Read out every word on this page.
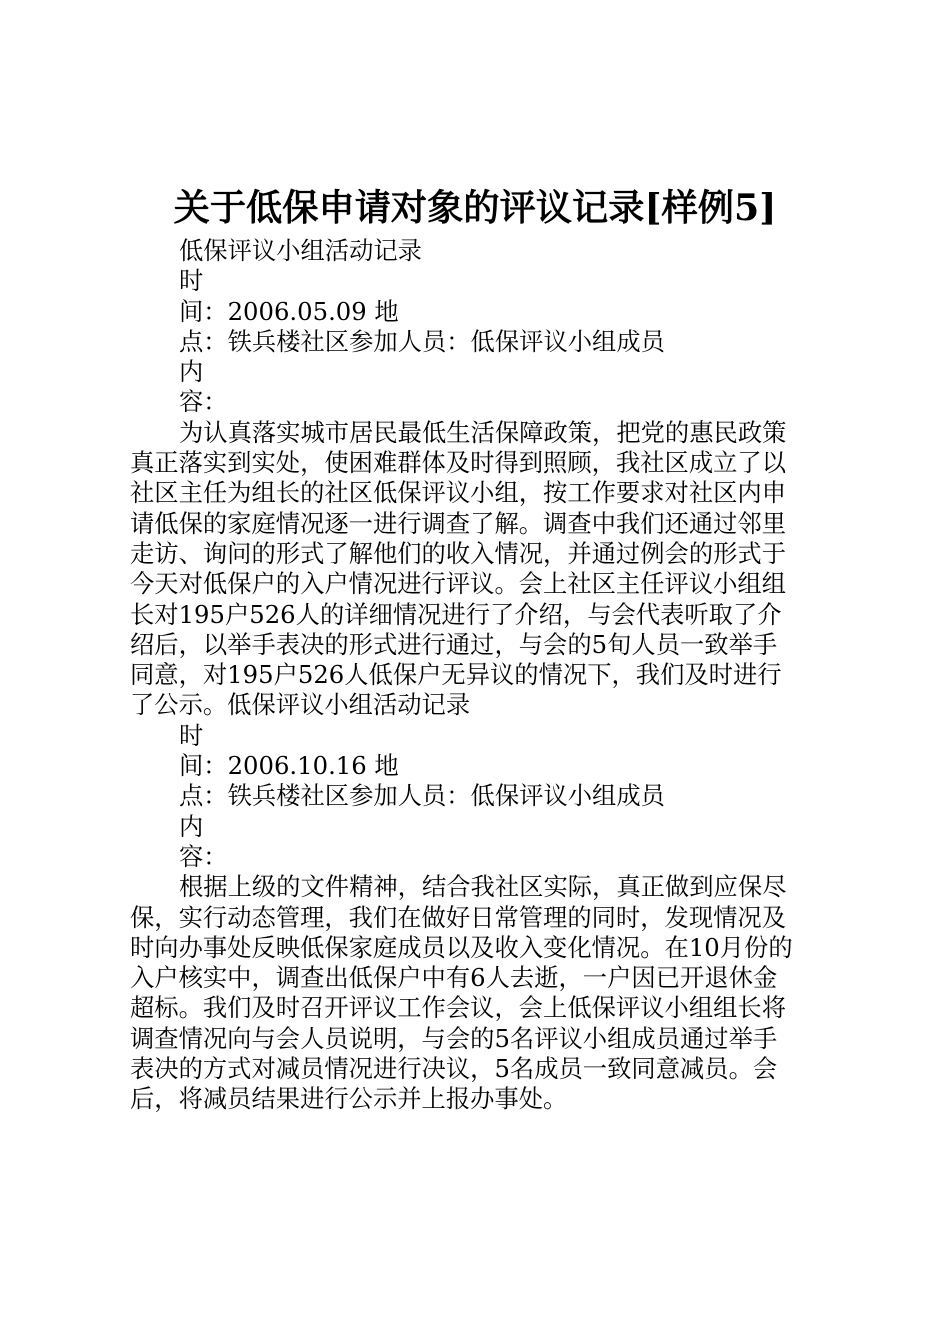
关于低保申请对象的评议记录[样例5]
低保评议小组活动记录
时
间：2006.05.09 地
点：铁兵楼社区参加人员：低保评议小组成员
内
容：
为认真落实城市居民最低生活保障政策，把党的惠民政策
真正落实到实处，使困难群体及时得到照顾，我社区成立了以
社区主任为组长的社区低保评议小组，按工作要求对社区内申
请低保的家庭情况逐一进行调查了解。调查中我们还通过邻里
走访、询问的形式了解他们的收入情况，并通过例会的形式于
今天对低保户的入户情况进行评议。会上社区主任评议小组组
长对195户526人的详细情况进行了介绍，与会代表听取了介
绍后，以举手表决的形式进行通过，与会的5旬人员一致举手
同意，对195户526人低保户无异议的情况下，我们及时进行
了公示。低保评议小组活动记录
时
间：2006.10.16 地
点：铁兵楼社区参加人员：低保评议小组成员
内
容：
根据上级的文件精神，结合我社区实际，真正做到应保尽
保，实行动态管理，我们在做好日常管理的同时，发现情况及
时向办事处反映低保家庭成员以及收入变化情况。在10月份的
入户核实中，调查出低保户中有6人去逝，一户因已开退休金
超标。我们及时召开评议工作会议，会上低保评议小组组长将
调查情况向与会人员说明，与会的5名评议小组成员通过举手
表决的方式对减员情况进行决议，5名成员一致同意减员。会
后，将减员结果进行公示并上报办事处。
